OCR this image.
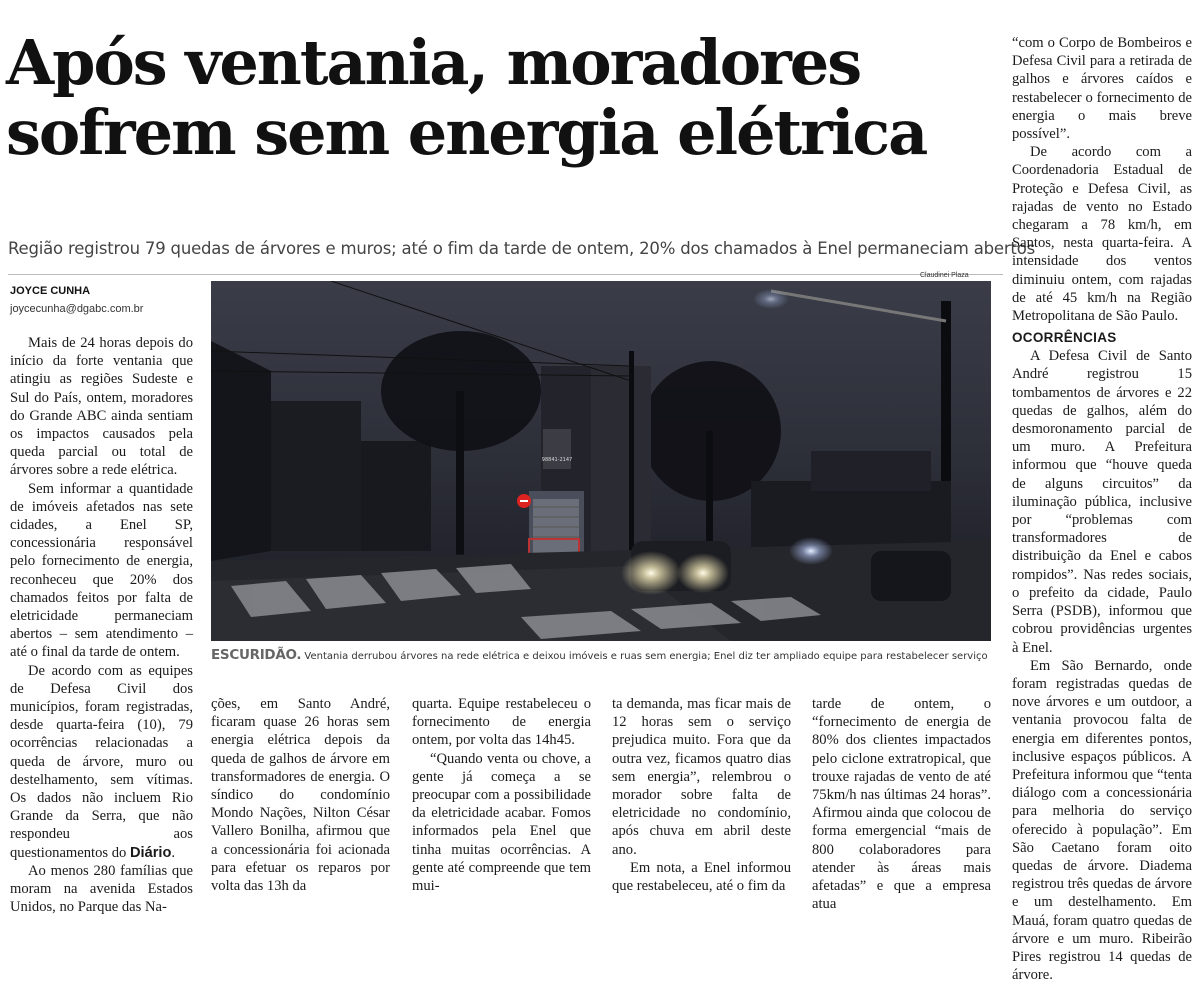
Após ventania, moradores
sofrem sem energia elétrica
Região registrou 79 quedas de árvores e muros; até o fim da tarde de ontem, 20% dos chamados à Enel permaneciam abertos
JOYCE CUNHA
joycecunha@dgabc.com.br
Claudinei Plaza
98841-2147
ESCURIDÃO. Ventania derrubou árvores na rede elétrica e deixou imóveis e ruas sem energia; Enel diz ter ampliado equipe para restabelecer serviço

Mais de 24 horas depois do início da forte ventania que atingiu as regiões Sudeste e Sul do País, ontem, moradores do Grande ABC ainda sentiam os impactos causados pela queda parcial ou total de árvores sobre a rede elétrica.

Sem informar a quantidade de imóveis afetados nas sete cidades, a Enel SP, concessionária responsável pelo fornecimento de energia, reconheceu que 20% dos chamados feitos por falta de eletricidade permaneciam abertos – sem atendimento – até o final da tarde de ontem.

De acordo com as equipes de Defesa Civil dos municípios, foram registradas, desde quarta-feira (10), 79 ocorrências relacionadas a queda de árvore, muro ou destelhamento, sem vítimas. Os dados não incluem Rio Grande da Serra, que não respondeu aos questionamentos do Diário.

Ao menos 280 famílias que moram na avenida Estados Unidos, no Parque das Na-

ções, em Santo André, ficaram quase 26 horas sem energia elétrica depois da queda de galhos de árvore em transformadores de energia. O síndico do condomínio Mondo Nações, Nilton César Vallero Bonilha, afirmou que a concessionária foi acionada para efetuar os reparos por volta das 13h da

quarta. Equipe restabeleceu o fornecimento de energia ontem, por volta das 14h45.

“Quando venta ou chove, a gente já começa a se preocupar com a possibilidade da eletricidade acabar. Fomos informados pela Enel que tinha muitas ocorrências. A gente até compreende que tem mui-

ta demanda, mas ficar mais de 12 horas sem o serviço prejudica muito. Fora que da outra vez, ficamos quatro dias sem energia”, relembrou o morador sobre falta de eletricidade no condomínio, após chuva em abril deste ano.

Em nota, a Enel informou que restabeleceu, até o fim da

tarde de ontem, o “fornecimento de energia de 80% dos clientes impactados pelo ciclone extratropical, que trouxe rajadas de vento de até 75km/h nas últimas 24 horas”. Afirmou ainda que colocou de forma emergencial “mais de 800 colaboradores para atender às áreas mais afetadas” e que a empresa atua

“com o Corpo de Bombeiros e Defesa Civil para a retirada de galhos e árvores caídos e restabelecer o fornecimento de energia o mais breve possível”.

De acordo com a Coordenadoria Estadual de Proteção e Defesa Civil, as rajadas de vento no Estado chegaram a 78 km/h, em Santos, nesta quarta-feira. A intensidade dos ventos diminuiu ontem, com rajadas de até 45 km/h na Região Metropolitana de São Paulo.

OCORRÊNCIAS

A Defesa Civil de Santo André registrou 15 tombamentos de árvores e 22 quedas de galhos, além do desmoronamento parcial de um muro. A Prefeitura informou que “houve queda de alguns circuitos” da iluminação pública, inclusive por “problemas com transformadores de distribuição da Enel e cabos rompidos”. Nas redes sociais, o prefeito da cidade, Paulo Serra (PSDB), informou que cobrou providências urgentes à Enel.

Em São Bernardo, onde foram registradas quedas de nove árvores e um outdoor, a ventania provocou falta de energia em diferentes pontos, inclusive espaços públicos. A Prefeitura informou que “tenta diálogo com a concessionária para melhoria do serviço oferecido à população”. Em São Caetano foram oito quedas de árvore. Diadema registrou três quedas de árvore e um destelhamento. Em Mauá, foram quatro quedas de árvore e um muro. Ribeirão Pires registrou 14 quedas de árvore.
